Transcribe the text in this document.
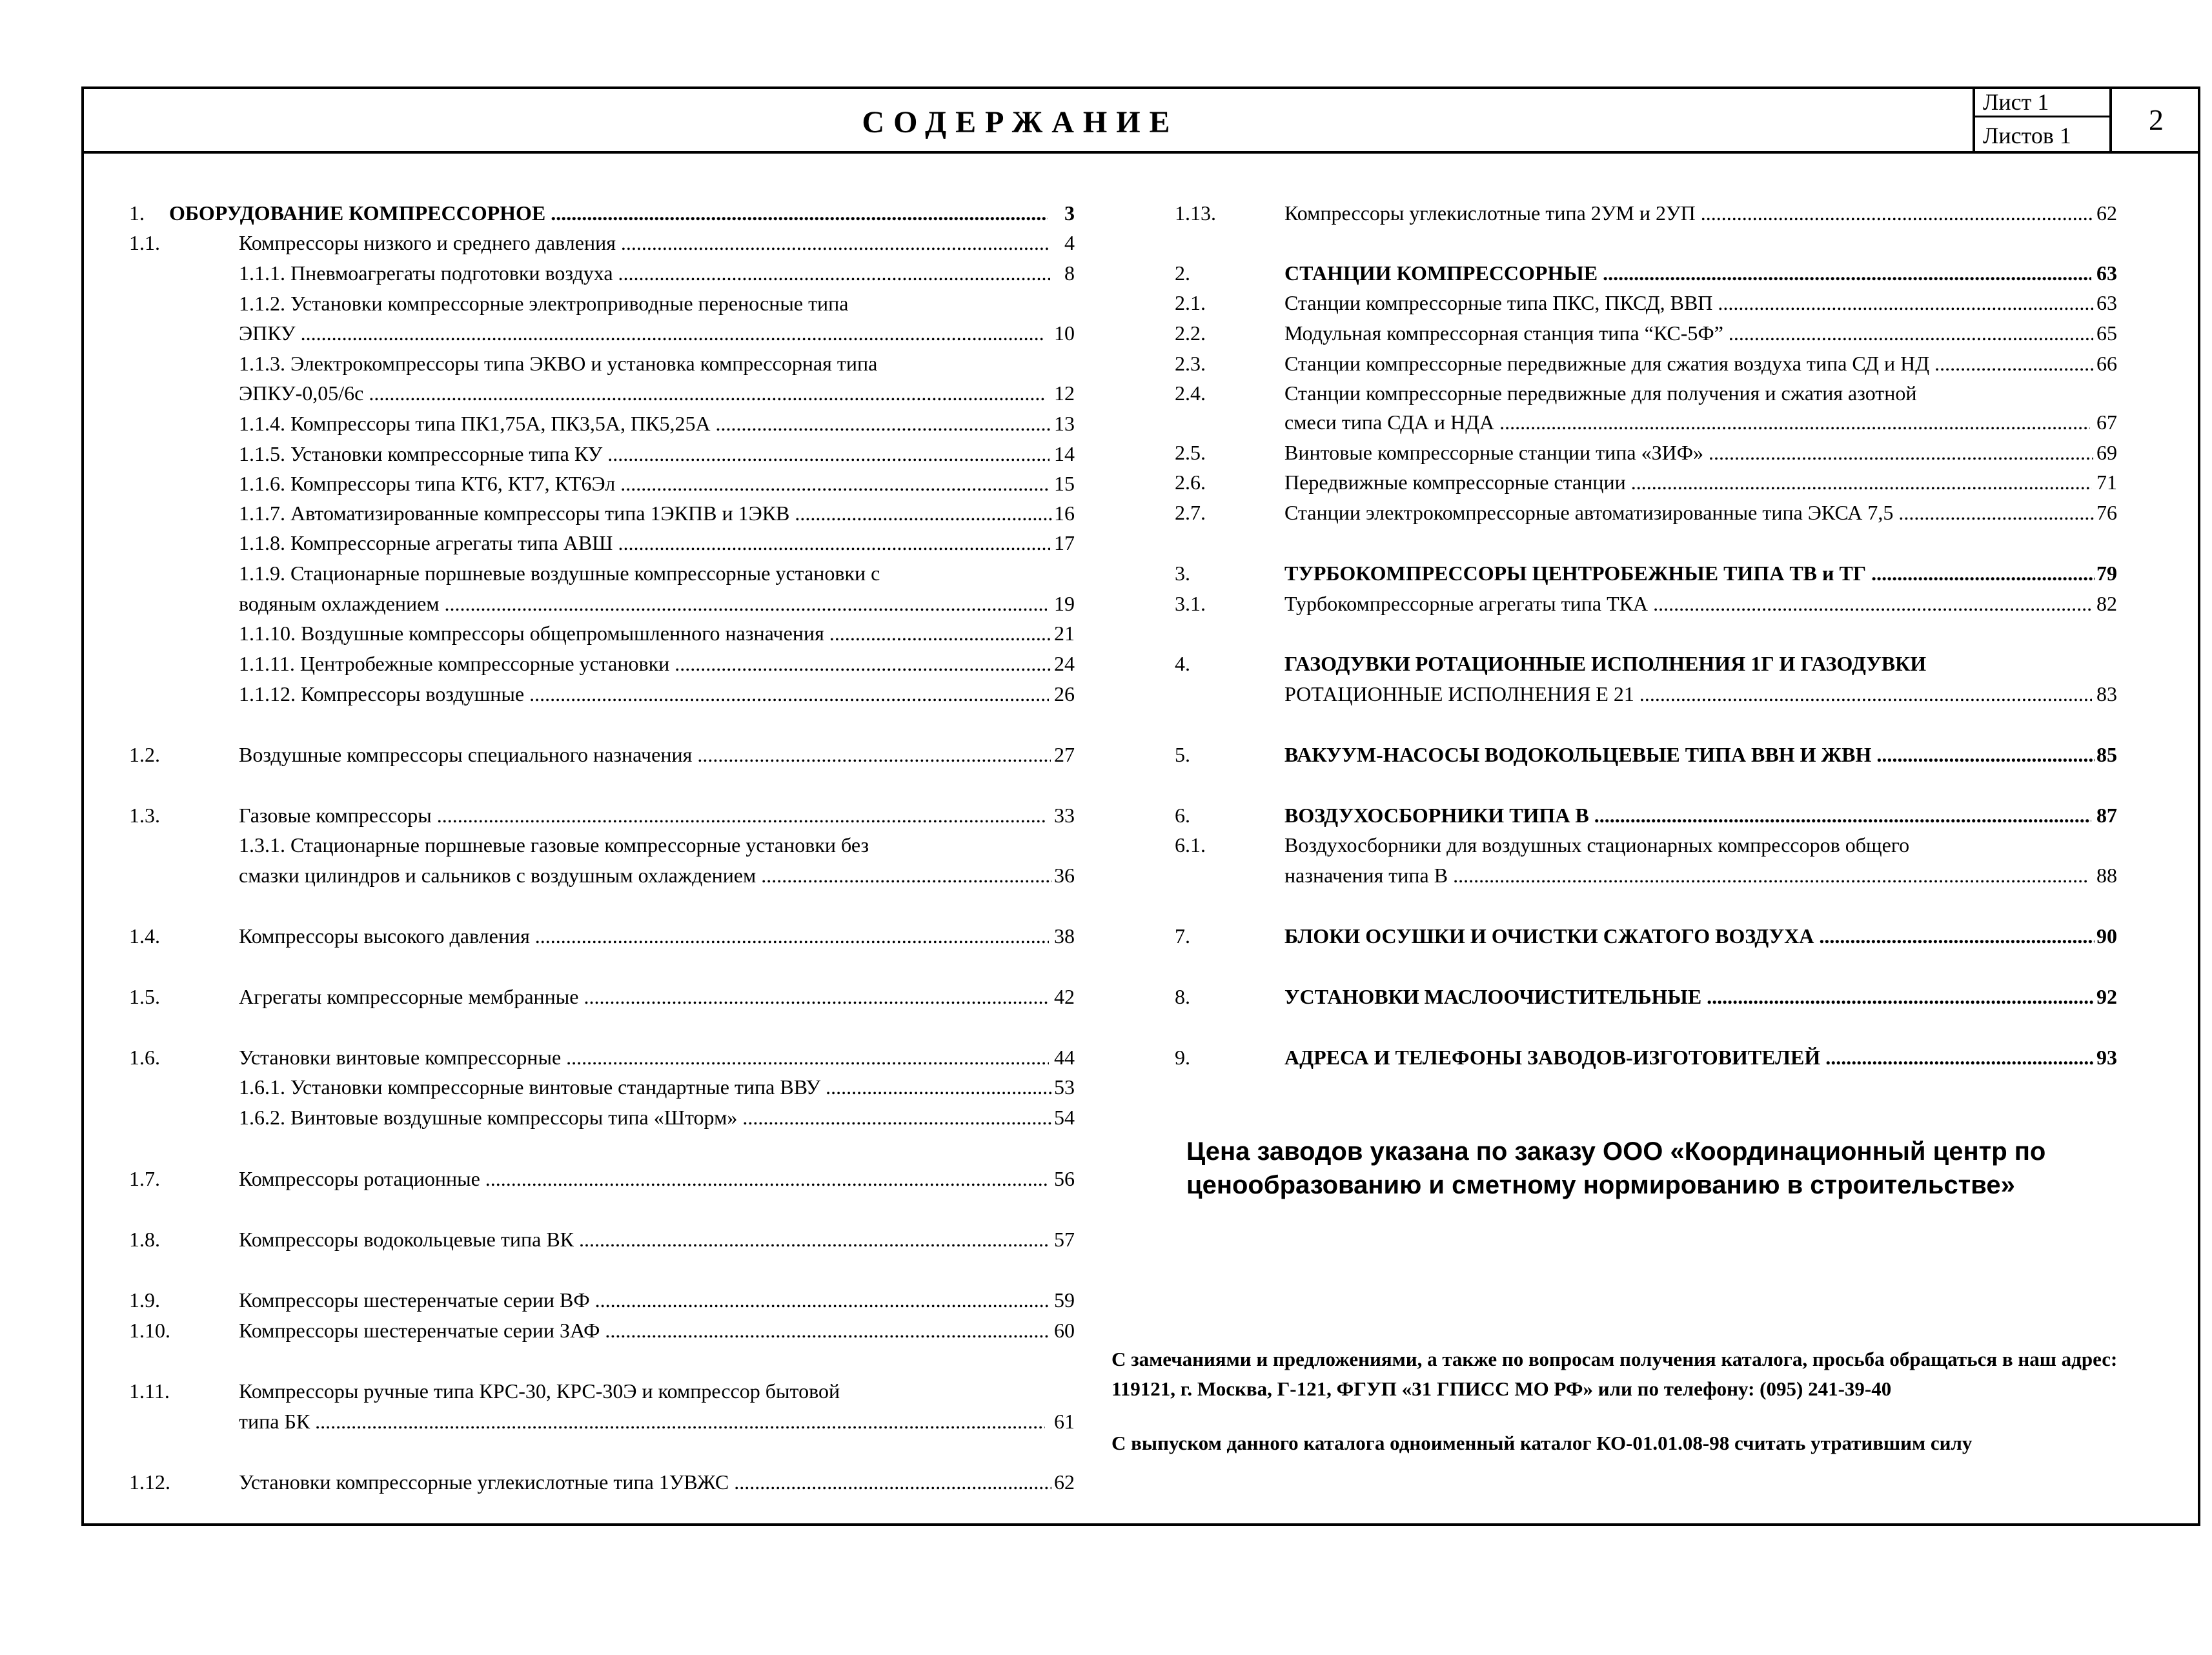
СОДЕРЖАНИЕ
Лист 1
Листов 1	2
1. ОБОРУДОВАНИЕ КОМПРЕССОРНОЕ .....	3
1.1.	Компрессоры низкого и среднего давления .....	4
1.1.1. Пневмоагрегаты подготовки воздуха .....	8
1.1.2. Установки компрессорные электроприводные переносные типа
ЭПКУ .....	10
1.1.3. Электрокомпрессоры типа ЭКВО и установка компрессорная типа
ЭПКУ-0,05/6с .....	12
1.1.4. Компрессоры типа ПК1,75А, ПК3,5А, ПК5,25А .....	13
1.1.5. Установки компрессорные типа КУ .....	14
1.1.6. Компрессоры типа КТ6, КТ7, КТ6Эл .....	15
1.1.7. Автоматизированные компрессоры типа 1ЭКПВ и 1ЭКВ .....	16
1.1.8. Компрессорные агрегаты типа АВШ .....	17
1.1.9. Стационарные поршневые воздушные компрессорные установки с
водяным охлаждением .....	19
1.1.10. Воздушные компрессоры общепромышленного назначения .....	21
1.1.11. Центробежные компрессорные установки .....	24
1.1.12. Компрессоры воздушные .....	26
1.2.	Воздушные компрессоры специального назначения .....	27
1.3.	Газовые компрессоры .....	33
1.3.1. Стационарные поршневые газовые компрессорные установки без
смазки цилиндров и сальников с воздушным охлаждением .....	36
1.4.	Компрессоры высокого давления .....	38
1.5.	Агрегаты компрессорные мембранные .....	42
1.6.	Установки винтовые компрессорные .....	44
1.6.1. Установки компрессорные винтовые стандартные типа ВВУ .....	53
1.6.2. Винтовые воздушные компрессоры типа «Шторм» .....	54
1.7.	Компрессоры ротационные .....	56
1.8.	Компрессоры водокольцевые типа ВК .....	57
1.9.	Компрессоры шестеренчатые серии ВФ .....	59
1.10.	Компрессоры шестеренчатые серии ЗАФ .....	60
1.11.	Компрессоры ручные типа КРС-30, КРС-30Э и компрессор бытовой
типа БК .....	61
1.12.	Установки компрессорные углекислотные типа 1УВЖС .....	62
1.13.	Компрессоры углекислотные типа 2УМ и 2УП .....	62
2.	СТАНЦИИ КОМПРЕССОРНЫЕ .....	63
2.1.	Станции компрессорные типа ПКС, ПКСД, ВВП .....	63
2.2.	Модульная компрессорная станция типа “КС-5Ф” .....	65
2.3.	Станции компрессорные передвижные для сжатия воздуха типа СД и НД .....	66
2.4.	Станции компрессорные передвижные для получения и сжатия азотной
смеси типа СДА и НДА .....	67
2.5.	Винтовые компрессорные станции типа «ЗИФ» .....	69
2.6.	Передвижные компрессорные станции .....	71
2.7.	Станции электрокомпрессорные автоматизированные типа ЭКСА 7,5 .....	76
3.	ТУРБОКОМПРЕССОРЫ ЦЕНТРОБЕЖНЫЕ ТИПА ТВ и ТГ .....	79
3.1.	Турбокомпрессорные агрегаты типа ТКА .....	82
4.	ГАЗОДУВКИ РОТАЦИОННЫЕ ИСПОЛНЕНИЯ 1Г И ГАЗОДУВКИ
РОТАЦИОННЫЕ ИСПОЛНЕНИЯ Е 21 .....	83
5.	ВАКУУМ-НАСОСЫ ВОДОКОЛЬЦЕВЫЕ ТИПА ВВН И ЖВН .....	85
6.	ВОЗДУХОСБОРНИКИ ТИПА В .....	87
6.1.	Воздухосборники для воздушных стационарных компрессоров общего
назначения типа В .....	88
7.	БЛОКИ ОСУШКИ И ОЧИСТКИ СЖАТОГО ВОЗДУХА .....	90
8.	УСТАНОВКИ МАСЛООЧИСТИТЕЛЬНЫЕ .....	92
9.	АДРЕСА И ТЕЛЕФОНЫ ЗАВОДОВ-ИЗГОТОВИТЕЛЕЙ .....	93
Цена заводов указана по заказу ООО «Координационный центр по ценообразованию и сметному нормированию в строительстве»
С замечаниями и предложениями, а также по вопросам получения каталога, просьба обращаться в наш адрес: 119121, г. Москва, Г-121, ФГУП «31 ГПИСС МО РФ» или по телефону: (095) 241-39-40
С выпуском данного каталога одноименный каталог КО-01.01.08-98 считать утратившим силу
